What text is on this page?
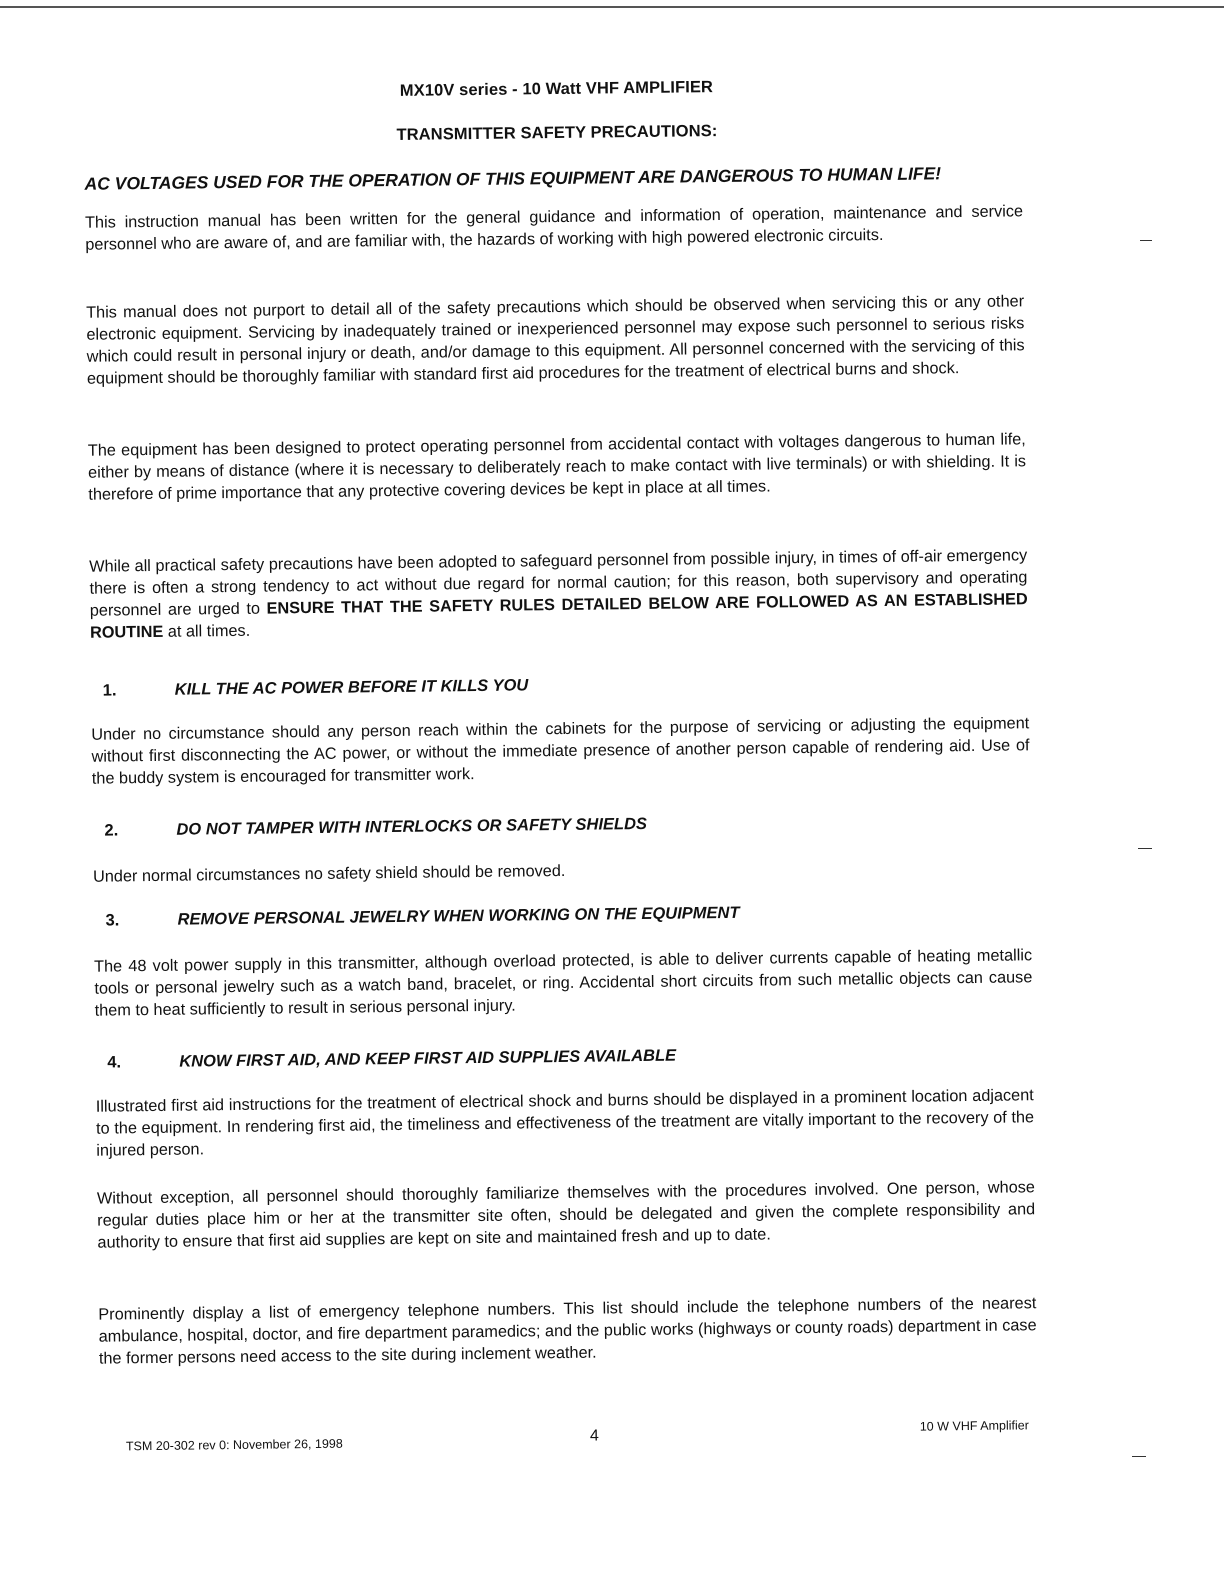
MX10V series - 10 Watt VHF AMPLIFIER
TRANSMITTER SAFETY PRECAUTIONS:
AC VOLTAGES USED FOR THE OPERATION OF THIS EQUIPMENT ARE DANGEROUS TO HUMAN LIFE!

This instruction manual has been written for the general guidance and information of operation, maintenance and service personnel who are aware of, and are familiar with, the hazards of working with high powered electronic circuits.

This manual does not purport to detail all of the safety precautions which should be observed when servicing this or any other electronic equipment. Servicing by inadequately trained or inexperienced personnel may expose such personnel to serious risks which could result in personal injury or death, and/or damage to this equipment. All personnel concerned with the servicing of this equipment should be thoroughly familiar with standard first aid procedures for the treatment of electrical burns and shock.

The equipment has been designed to protect operating personnel from accidental contact with voltages dangerous to human life, either by means of distance (where it is necessary to deliberately reach to make contact with live terminals) or with shielding. It is therefore of prime importance that any protective covering devices be kept in place at all times.

While all practical safety precautions have been adopted to safeguard personnel from possible injury, in times of off-air emergency there is often a strong tendency to act without due regard for normal caution; for this reason, both supervisory and operating personnel are urged to ENSURE THAT THE SAFETY RULES DETAILED BELOW ARE FOLLOWED AS AN ESTABLISHED ROUTINE at all times.

1.	KILL THE AC POWER BEFORE IT KILLS YOU

Under no circumstance should any person reach within the cabinets for the purpose of servicing or adjusting the equipment without first disconnecting the AC power, or without the immediate presence of another person capable of rendering aid. Use of the buddy system is encouraged for transmitter work.

2.	DO NOT TAMPER WITH INTERLOCKS OR SAFETY SHIELDS

Under normal circumstances no safety shield should be removed.

3.	REMOVE PERSONAL JEWELRY WHEN WORKING ON THE EQUIPMENT

The 48 volt power supply in this transmitter, although overload protected, is able to deliver currents capable of heating metallic tools or personal jewelry such as a watch band, bracelet, or ring. Accidental short circuits from such metallic objects can cause them to heat sufficiently to result in serious personal injury.

4.	KNOW FIRST AID, AND KEEP FIRST AID SUPPLIES AVAILABLE

Illustrated first aid instructions for the treatment of electrical shock and burns should be displayed in a prominent location adjacent to the equipment. In rendering first aid, the timeliness and effectiveness of the treatment are vitally important to the recovery of the injured person.

Without exception, all personnel should thoroughly familiarize themselves with the procedures involved. One person, whose regular duties place him or her at the transmitter site often, should be delegated and given the complete responsibility and authority to ensure that first aid supplies are kept on site and maintained fresh and up to date.

Prominently display a list of emergency telephone numbers. This list should include the telephone numbers of the nearest ambulance, hospital, doctor, and fire department paramedics; and the public works (highways or county roads) department in case the former persons need access to the site during inclement weather.

TSM 20-302 rev 0: November 26, 1998
4
10 W VHF Amplifier
